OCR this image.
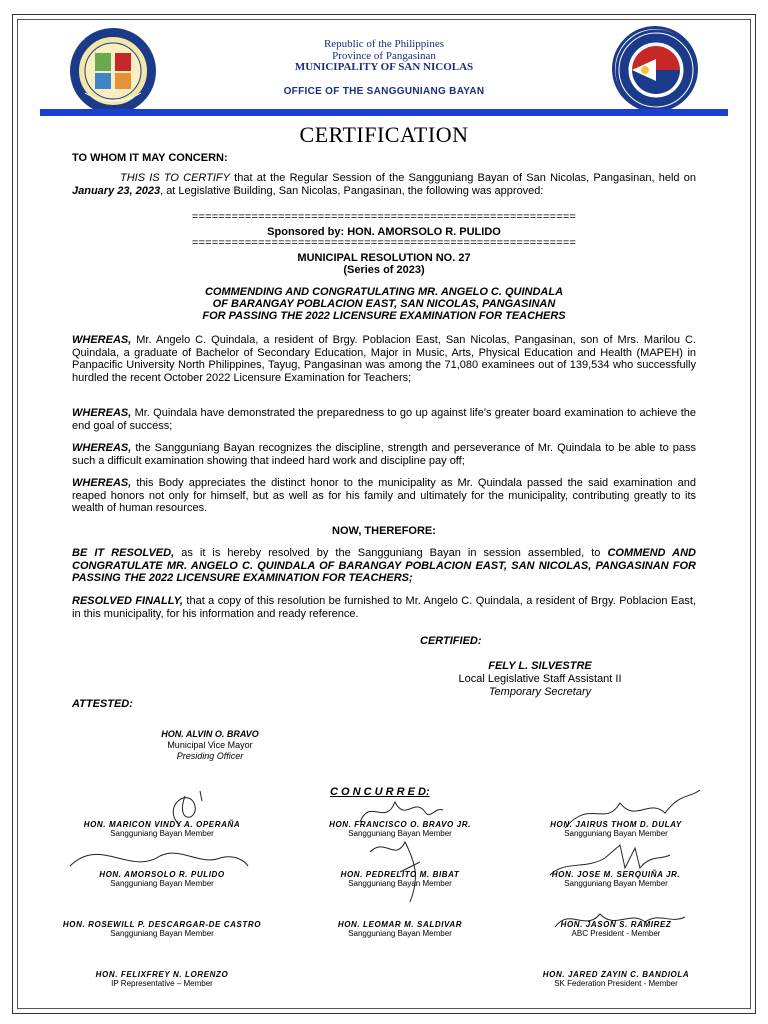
Republic of the Philippines
Province of Pangasinan
MUNICIPALITY OF SAN NICOLAS
OFFICE OF THE SANGGUNIANG BAYAN
CERTIFICATION
TO WHOM IT MAY CONCERN:
THIS IS TO CERTIFY that at the Regular Session of the Sangguniang Bayan of San Nicolas, Pangasinan, held on January 23, 2023, at Legislative Building, San Nicolas, Pangasinan, the following was approved:
==========================================================
Sponsored by: HON. AMORSOLO R. PULIDO
==========================================================
MUNICIPAL RESOLUTION NO. 27
(Series of 2023)
COMMENDING AND CONGRATULATING MR. ANGELO C. QUINDALA
OF BARANGAY POBLACION EAST, SAN NICOLAS, PANGASINAN
FOR PASSING THE 2022 LICENSURE EXAMINATION FOR TEACHERS
WHEREAS, Mr. Angelo C. Quindala, a resident of Brgy. Poblacion East, San Nicolas, Pangasinan, son of Mrs. Marilou C. Quindala, a graduate of Bachelor of Secondary Education, Major in Music, Arts, Physical Education and Health (MAPEH) in Panpacific University North Philippines, Tayug, Pangasinan was among the 71,080 examinees out of 139,534 who successfully hurdled the recent October 2022 Licensure Examination for Teachers;
WHEREAS, Mr. Quindala have demonstrated the preparedness to go up against life's greater board examination to achieve the end goal of success;
WHEREAS, the Sangguniang Bayan recognizes the discipline, strength and perseverance of Mr. Quindala to be able to pass such a difficult examination showing that indeed hard work and discipline pay off;
WHEREAS, this Body appreciates the distinct honor to the municipality as Mr. Quindala passed the said examination and reaped honors not only for himself, but as well as for his family and ultimately for the municipality, contributing greatly to its wealth of human resources.
NOW, THEREFORE:
BE IT RESOLVED, as it is hereby resolved by the Sangguniang Bayan in session assembled, to COMMEND AND CONGRATULATE MR. ANGELO C. QUINDALA OF BARANGAY POBLACION EAST, SAN NICOLAS, PANGASINAN FOR PASSING THE 2022 LICENSURE EXAMINATION FOR TEACHERS;
RESOLVED FINALLY, that a copy of this resolution be furnished to Mr. Angelo C. Quindala, a resident of Brgy. Poblacion East, in this municipality, for his information and ready reference.
CERTIFIED:
FELY L. SILVESTRE
Local Legislative Staff Assistant II
Temporary Secretary
ATTESTED:
HON. ALVIN O. BRAVO
Municipal Vice Mayor
Presiding Officer
C O N C U R R E D:
HON. MARICON VINDY A. OPERAÑA
Sangguniang Bayan Member
HON. FRANCISCO O. BRAVO JR.
Sangguniang Bayan Member
HON. JAIRUS THOM D. DULAY
Sangguniang Bayan Member
HON. AMORSOLO R. PULIDO
Sangguniang Bayan Member
HON. PEDRELITO M. BIBAT
Sangguniang Bayan Member
HON. JOSE M. SERQUIÑA JR.
Sangguniang Bayan Member
HON. ROSEWILL P. DESCARGAR-DE CASTRO
Sangguniang Bayan Member
HON. LEOMAR M. SALDIVAR
Sangguniang Bayan Member
HON. JASON S. RAMIREZ
ABC President - Member
HON. FELIXFREY N. LORENZO
IP Representative – Member
HON. JARED ZAYIN C. BANDIOLA
SK Federation President - Member
